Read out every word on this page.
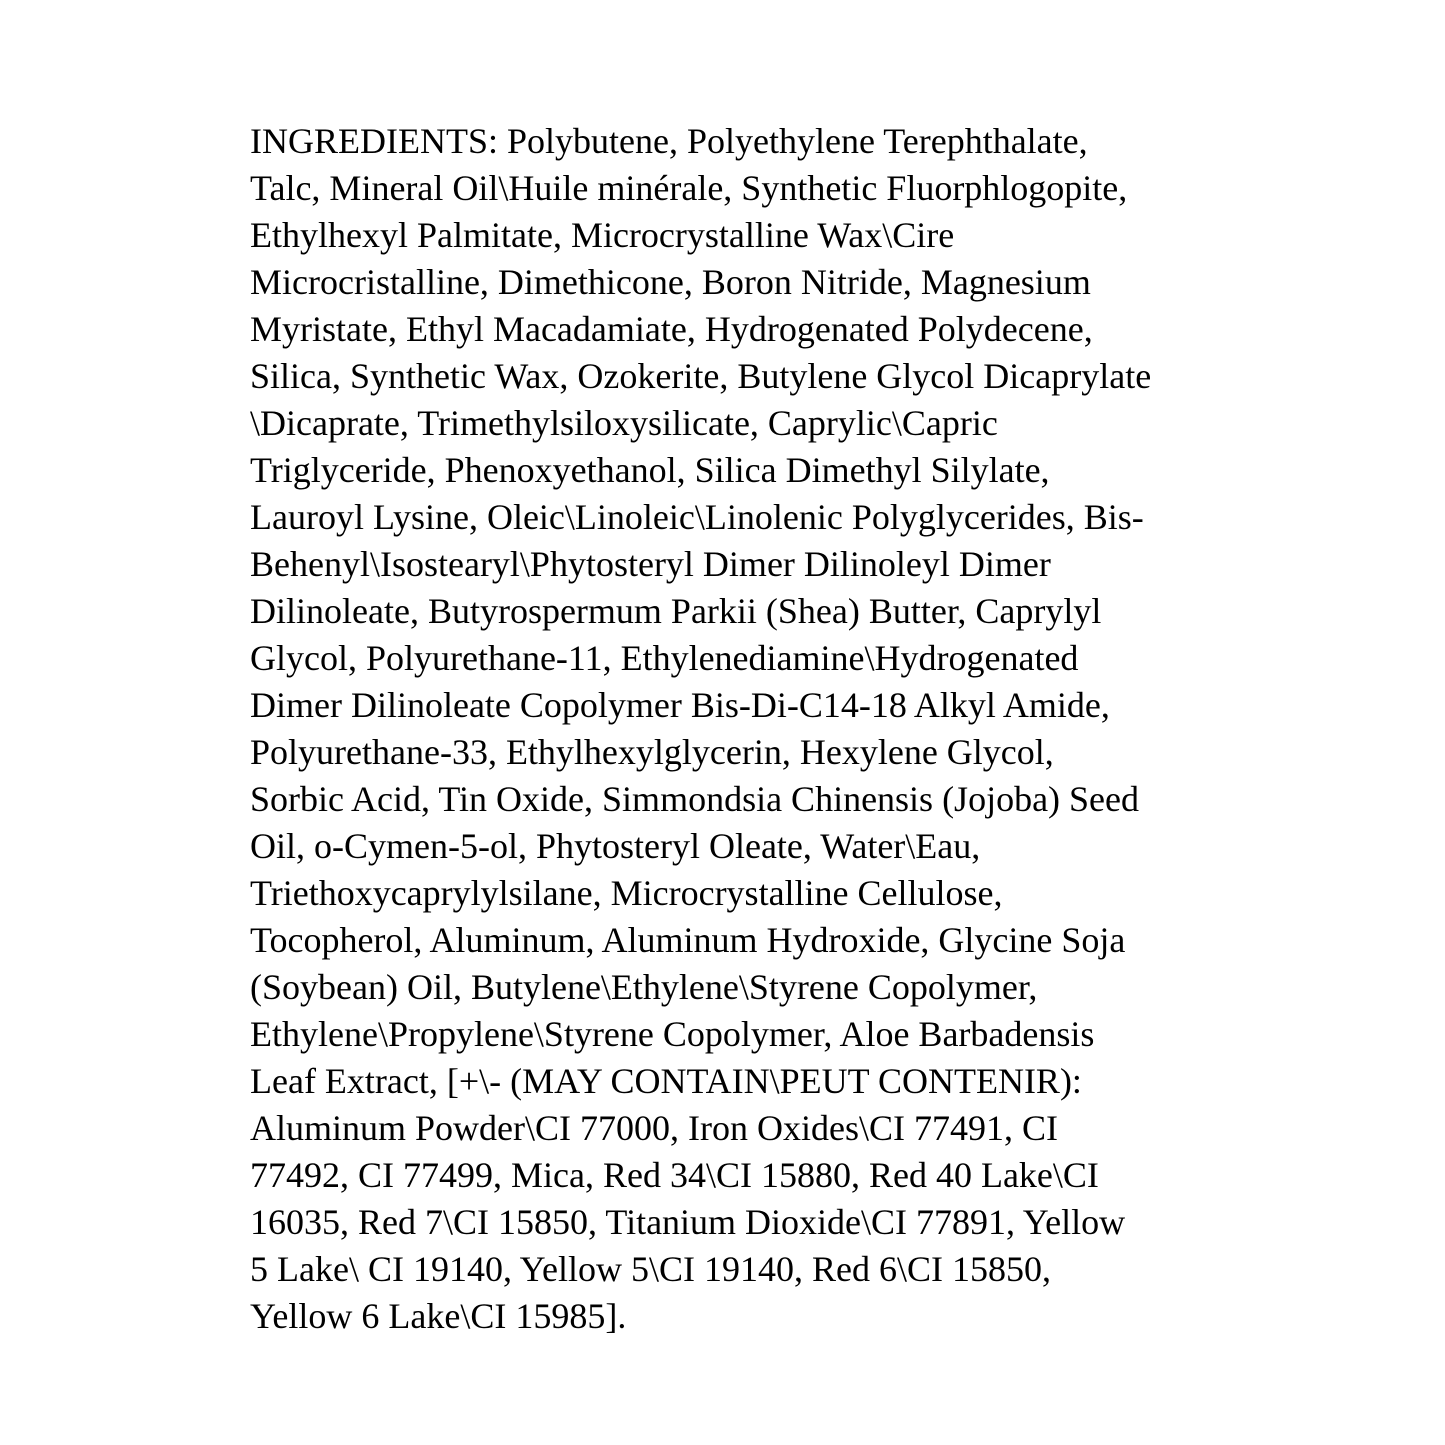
INGREDIENTS: Polybutene, Polyethylene Terephthalate,
Talc, Mineral Oil\Huile minérale, Synthetic Fluorphlogopite,
Ethylhexyl Palmitate, Microcrystalline Wax\Cire
Microcristalline, Dimethicone, Boron Nitride, Magnesium
Myristate, Ethyl Macadamiate, Hydrogenated Polydecene,
Silica, Synthetic Wax, Ozokerite, Butylene Glycol Dicaprylate
\Dicaprate, Trimethylsiloxysilicate, Caprylic\Capric
Triglyceride, Phenoxyethanol, Silica Dimethyl Silylate,
Lauroyl Lysine, Oleic\Linoleic\Linolenic Polyglycerides, Bis-
Behenyl\Isostearyl\Phytosteryl Dimer Dilinoleyl Dimer
Dilinoleate, Butyrospermum Parkii (Shea) Butter, Caprylyl
Glycol, Polyurethane-11, Ethylenediamine\Hydrogenated
Dimer Dilinoleate Copolymer Bis-Di-C14-18 Alkyl Amide,
Polyurethane-33, Ethylhexylglycerin, Hexylene Glycol,
Sorbic Acid, Tin Oxide, Simmondsia Chinensis (Jojoba) Seed
Oil, o-Cymen-5-ol, Phytosteryl Oleate, Water\Eau,
Triethoxycaprylylsilane, Microcrystalline Cellulose,
Tocopherol, Aluminum, Aluminum Hydroxide, Glycine Soja
(Soybean) Oil, Butylene\Ethylene\Styrene Copolymer,
Ethylene\Propylene\Styrene Copolymer, Aloe Barbadensis
Leaf Extract, [+\- (MAY CONTAIN\PEUT CONTENIR):
Aluminum Powder\CI 77000, Iron Oxides\CI 77491, CI
77492, CI 77499, Mica, Red 34\CI 15880, Red 40 Lake\CI
16035, Red 7\CI 15850, Titanium Dioxide\CI 77891, Yellow
5 Lake\ CI 19140, Yellow 5\CI 19140, Red 6\CI 15850,
Yellow 6 Lake\CI 15985].
